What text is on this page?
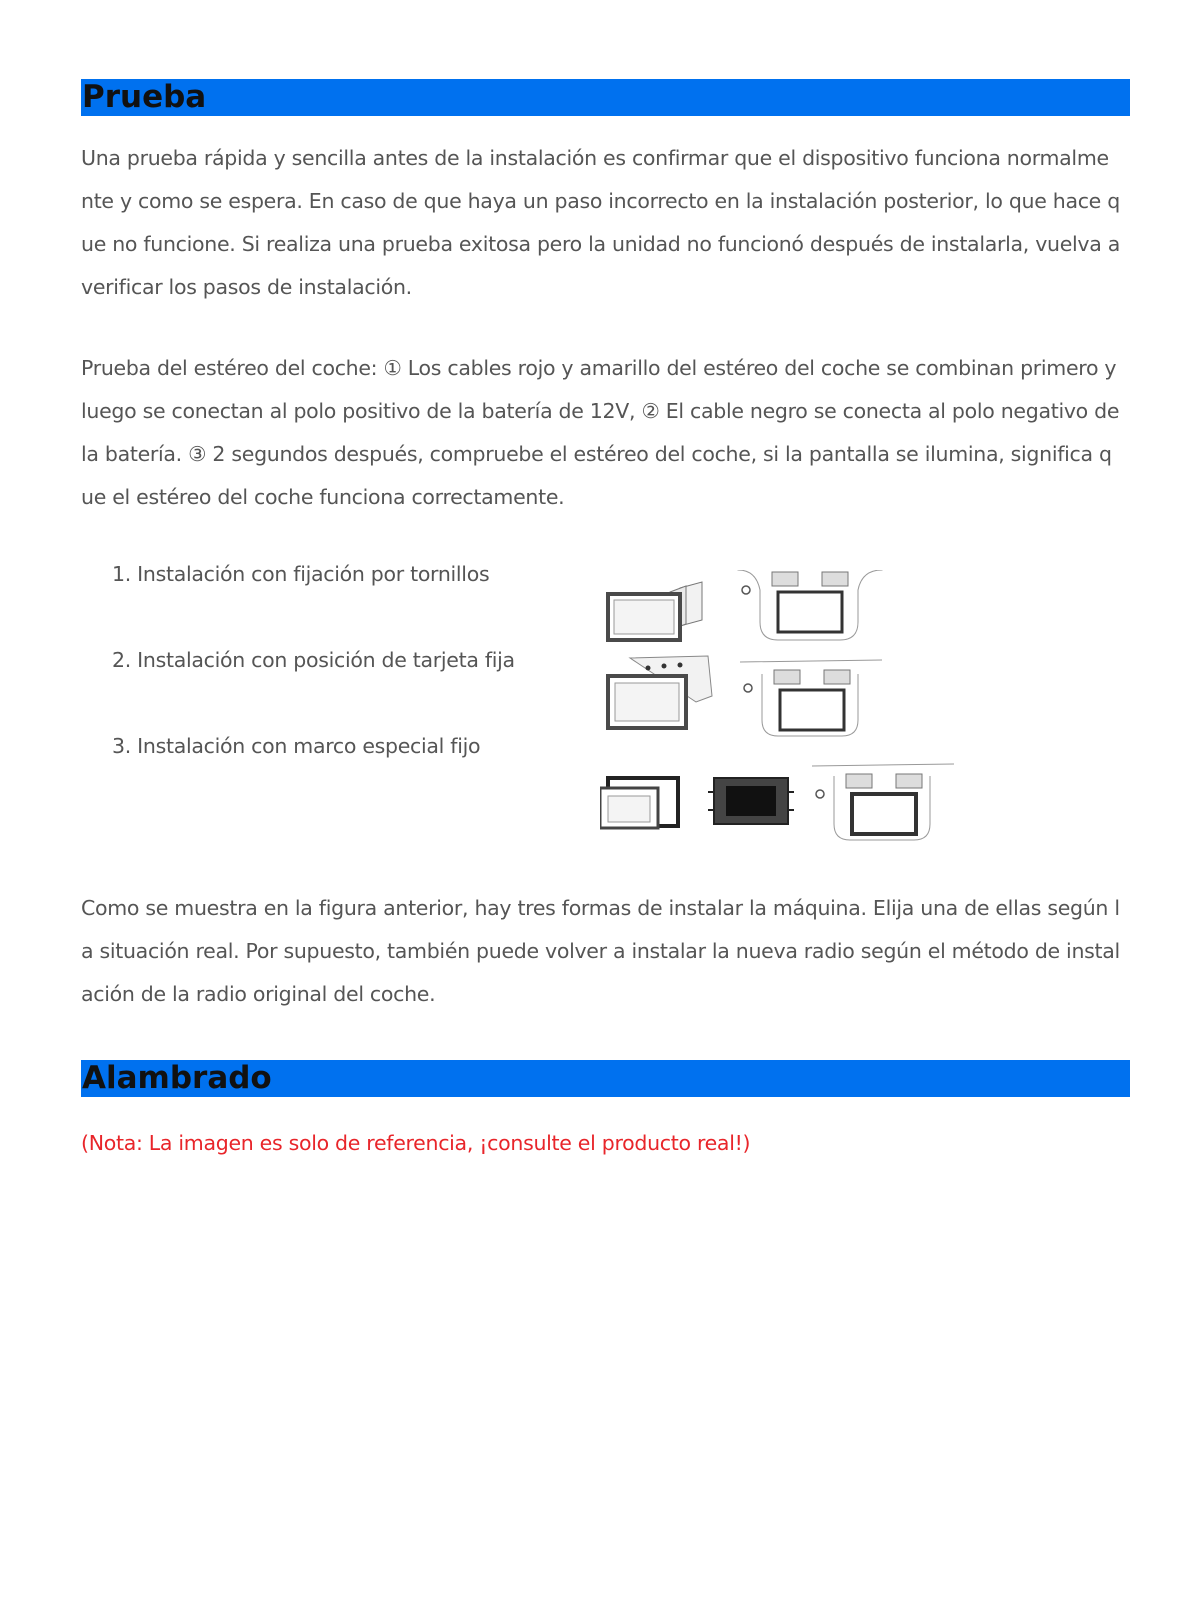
Prueba

Una prueba rápida y sencilla antes de la instalación es confirmar que el dispositivo funciona normalmente y como se espera. En caso de que haya un paso incorrecto en la instalación posterior, lo que hace que no funcione. Si realiza una prueba exitosa pero la unidad no funcionó después de instalarla, vuelva a verificar los pasos de instalación.

Prueba del estéreo del coche: ① Los cables rojo y amarillo del estéreo del coche se combinan primero y luego se conectan al polo positivo de la batería de 12V, ② El cable negro se conecta al polo negativo de la batería. ③ 2 segundos después, compruebe el estéreo del coche, si la pantalla se ilumina, significa que el estéreo del coche funciona correctamente.

1. Instalación con fijación por tornillos
2. Instalación con posición de tarjeta fija
3. Instalación con marco especial fijo

Como se muestra en la figura anterior, hay tres formas de instalar la máquina. Elija una de ellas según la situación real. Por supuesto, también puede volver a instalar la nueva radio según el método de instalación de la radio original del coche.

Alambrado
(Nota: La imagen es solo de referencia, ¡consulte el producto real!)
